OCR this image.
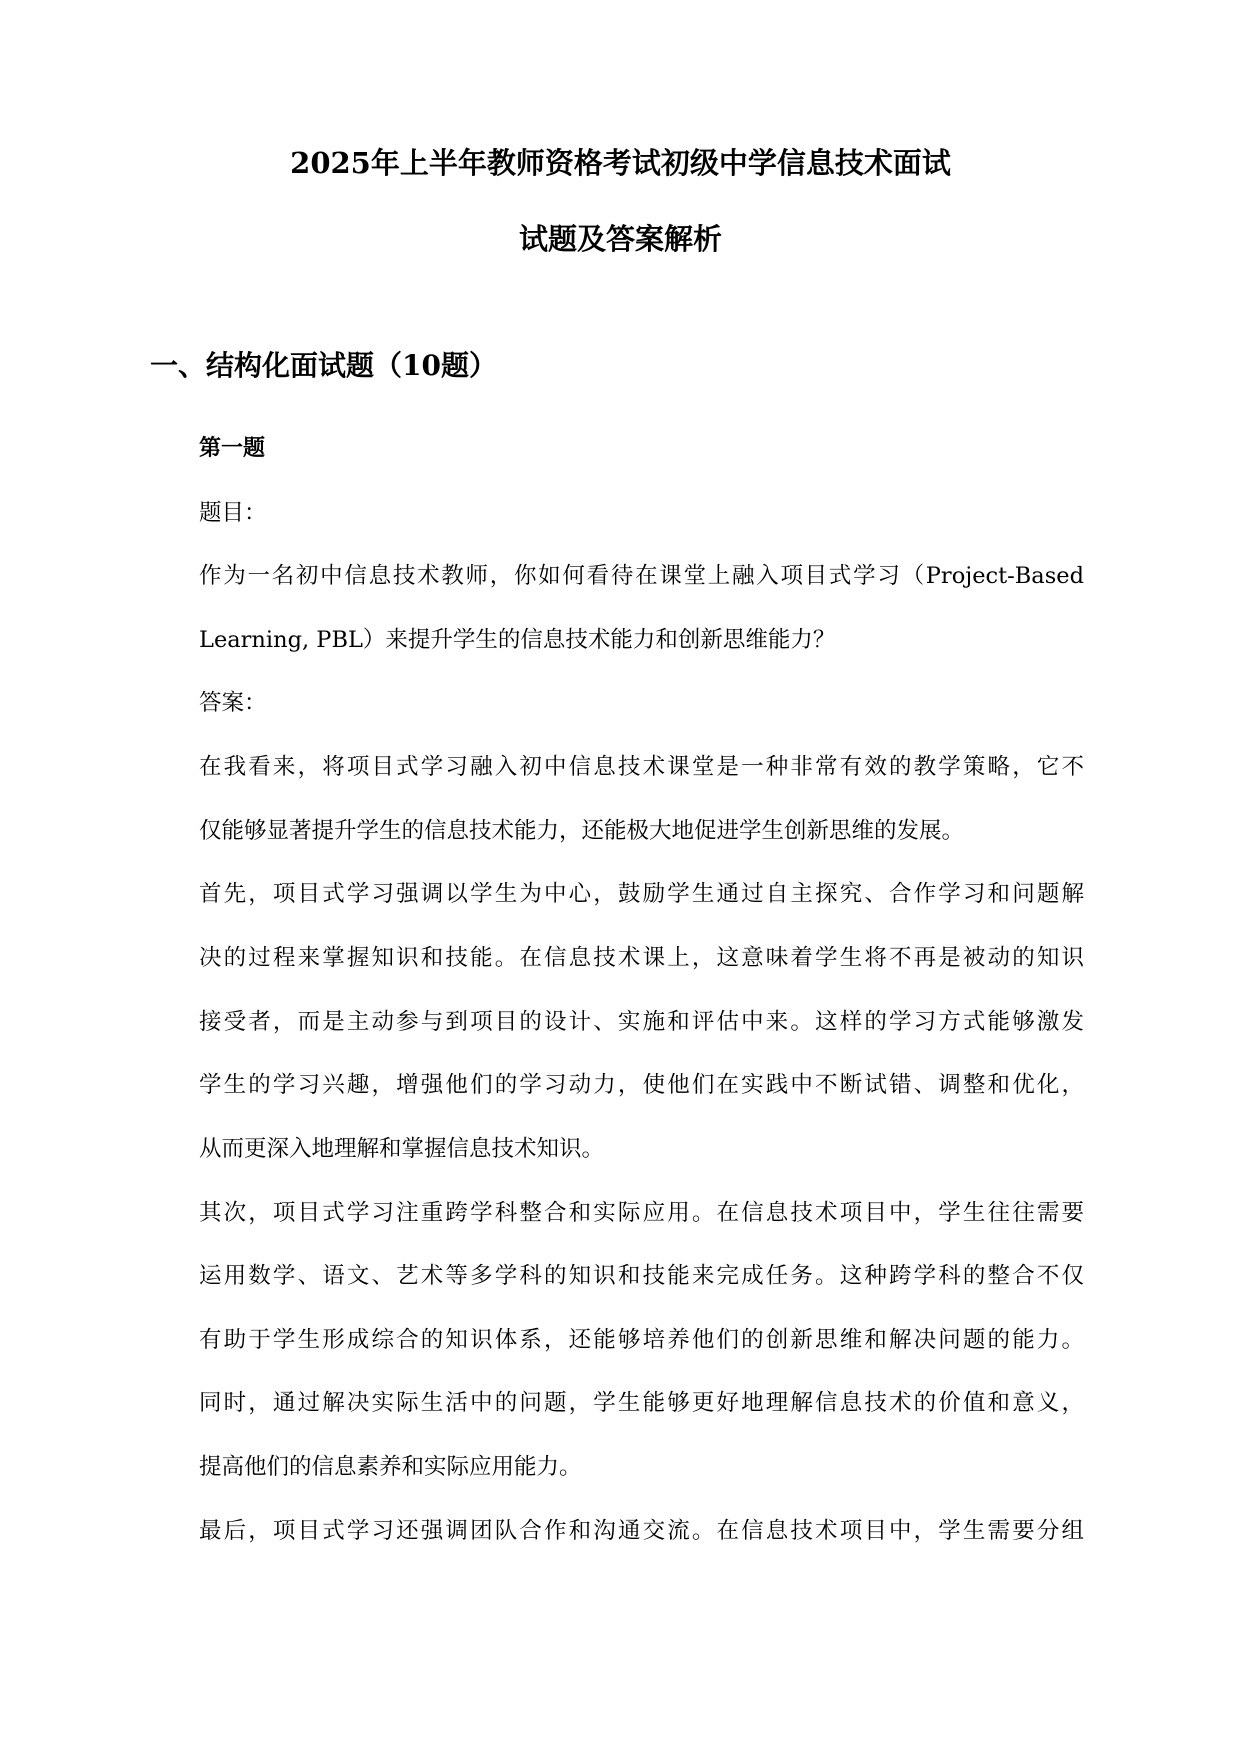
2025年上半年教师资格考试初级中学信息技术面试
试题及答案解析
一、结构化面试题（10题）
第一题
题目：
作为一名初中信息技术教师，你如何看待在课堂上融入项目式学习（Project-Based
Learning, PBL）来提升学生的信息技术能力和创新思维能力？
答案：
在我看来，将项目式学习融入初中信息技术课堂是一种非常有效的教学策略，它不
仅能够显著提升学生的信息技术能力，还能极大地促进学生创新思维的发展。
首先，项目式学习强调以学生为中心，鼓励学生通过自主探究、合作学习和问题解
决的过程来掌握知识和技能。在信息技术课上，这意味着学生将不再是被动的知识
接受者，而是主动参与到项目的设计、实施和评估中来。这样的学习方式能够激发
学生的学习兴趣，增强他们的学习动力，使他们在实践中不断试错、调整和优化，
从而更深入地理解和掌握信息技术知识。
其次，项目式学习注重跨学科整合和实际应用。在信息技术项目中，学生往往需要
运用数学、语文、艺术等多学科的知识和技能来完成任务。这种跨学科的整合不仅
有助于学生形成综合的知识体系，还能够培养他们的创新思维和解决问题的能力。
同时，通过解决实际生活中的问题，学生能够更好地理解信息技术的价值和意义，
提高他们的信息素养和实际应用能力。
最后，项目式学习还强调团队合作和沟通交流。在信息技术项目中，学生需要分组
